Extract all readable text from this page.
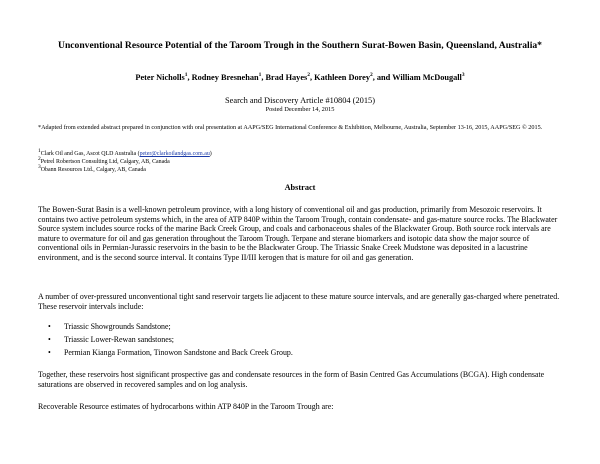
Unconventional Resource Potential of the Taroom Trough in the Southern Surat-Bowen Basin, Queensland, Australia*
Peter Nicholls$^1$, Rodney Bresnehan$^1$, Brad Hayes$^2$, Kathleen Dorey$^2$, and William McDougall$^3$
Search and Discovery Article #10804 (2015)
Posted December 14, 2015
*Adapted from extended abstract prepared in conjunction with oral presentation at AAPG/SEG International Conference & Exhibition, Melbourne, Australia, September 13-16, 2015, AAPG/SEG © 2015.
$^1$Clark Oil and Gas, Ascot QLD Australia (peter@clarkoilandgas.com.au)
$^2$Petrel Robertson Consulting Ltd, Calgary, AB, Canada
$^3$Obann Resources Ltd., Calgary, AB, Canada
Abstract
The Bowen-Surat Basin is a well-known petroleum province, with a long history of conventional oil and gas production, primarily from Mesozoic reservoirs. It contains two active petroleum systems which, in the area of ATP 840P within the Taroom Trough, contain condensate- and gas-mature source rocks. The Blackwater Source system includes source rocks of the marine Back Creek Group, and coals and carbonaceous shales of the Blackwater Group. Both source rock intervals are mature to overmature for oil and gas generation throughout the Taroom Trough. Terpane and sterane biomarkers and isotopic data show the major source of conventional oils in Permian-Jurassic reservoirs in the basin to be the Blackwater Group. The Triassic Snake Creek Mudstone was deposited in a lacustrine environment, and is the second source interval. It contains Type II/III kerogen that is mature for oil and gas generation.
A number of over-pressured unconventional tight sand reservoir targets lie adjacent to these mature source intervals, and are generally gas-charged where penetrated. These reservoir intervals include:
• Triassic Showgrounds Sandstone;
• Triassic Lower-Rewan sandstones;
• Permian Kianga Formation, Tinowon Sandstone and Back Creek Group.
Together, these reservoirs host significant prospective gas and condensate resources in the form of Basin Centred Gas Accumulations (BCGA). High condensate saturations are observed in recovered samples and on log analysis.
Recoverable Resource estimates of hydrocarbons within ATP 840P in the Taroom Trough are:
